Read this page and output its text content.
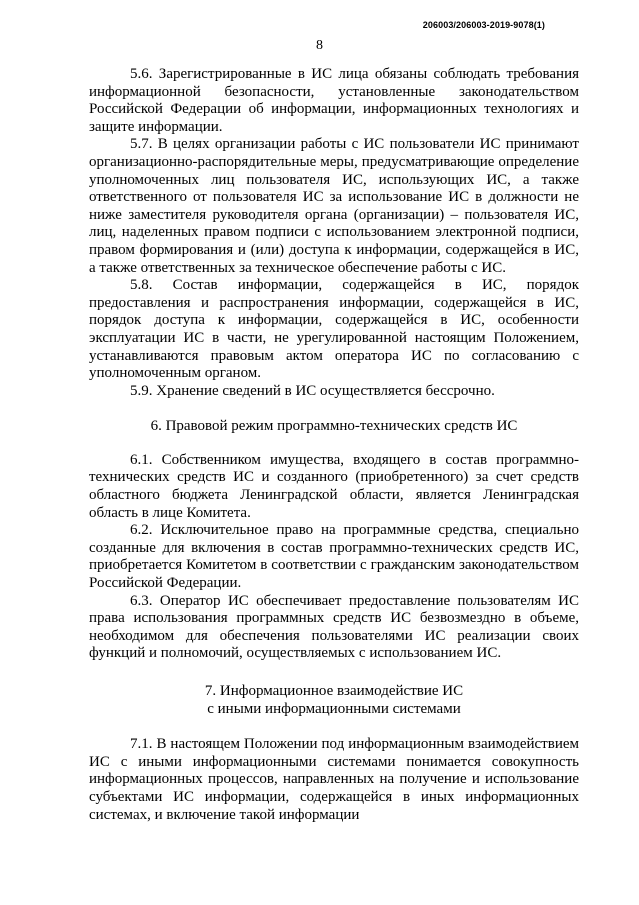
206003/206003-2019-9078(1)
8

5.6. Зарегистрированные в ИС лица обязаны соблюдать требования информационной безопасности, установленные законодательством Российской Федерации об информации, информационных технологиях и защите информации.

5.7. В целях организации работы с ИС пользователи ИС принимают организационно-распорядительные меры, предусматривающие определение уполномоченных лиц пользователя ИС, использующих ИС, а также ответственного от пользователя ИС за использование ИС в должности не ниже заместителя руководителя органа (организации) – пользователя ИС, лиц, наделенных правом подписи с использованием электронной подписи, правом формирования и (или) доступа к информации, содержащейся в ИС, а также ответственных за техническое обеспечение работы с ИС.

5.8. Состав информации, содержащейся в ИС, порядок предоставления и распространения информации, содержащейся в ИС, порядок доступа к информации, содержащейся в ИС, особенности эксплуатации ИС в части, не урегулированной настоящим Положением, устанавливаются правовым актом оператора ИС по согласованию с уполномоченным органом.

5.9. Хранение сведений в ИС осуществляется бессрочно.

6. Правовой режим программно-технических средств ИС

6.1. Собственником имущества, входящего в состав программно-технических средств ИС и созданного (приобретенного) за счет средств областного бюджета Ленинградской области, является Ленинградская область в лице Комитета.

6.2. Исключительное право на программные средства, специально созданные для включения в состав программно-технических средств ИС, приобретается Комитетом в соответствии с гражданским законодательством Российской Федерации.

6.3. Оператор ИС обеспечивает предоставление пользователям ИС права использования программных средств ИС безвозмездно в объеме, необходимом для обеспечения пользователями ИС реализации своих функций и полномочий, осуществляемых с использованием ИС.

7. Информационное взаимодействие ИС
с иными информационными системами

7.1. В настоящем Положении под информационным взаимодействием ИС с иными информационными системами понимается совокупность информационных процессов, направленных на получение и использование субъектами ИС информации, содержащейся в иных информационных системах, и включение такой информации
